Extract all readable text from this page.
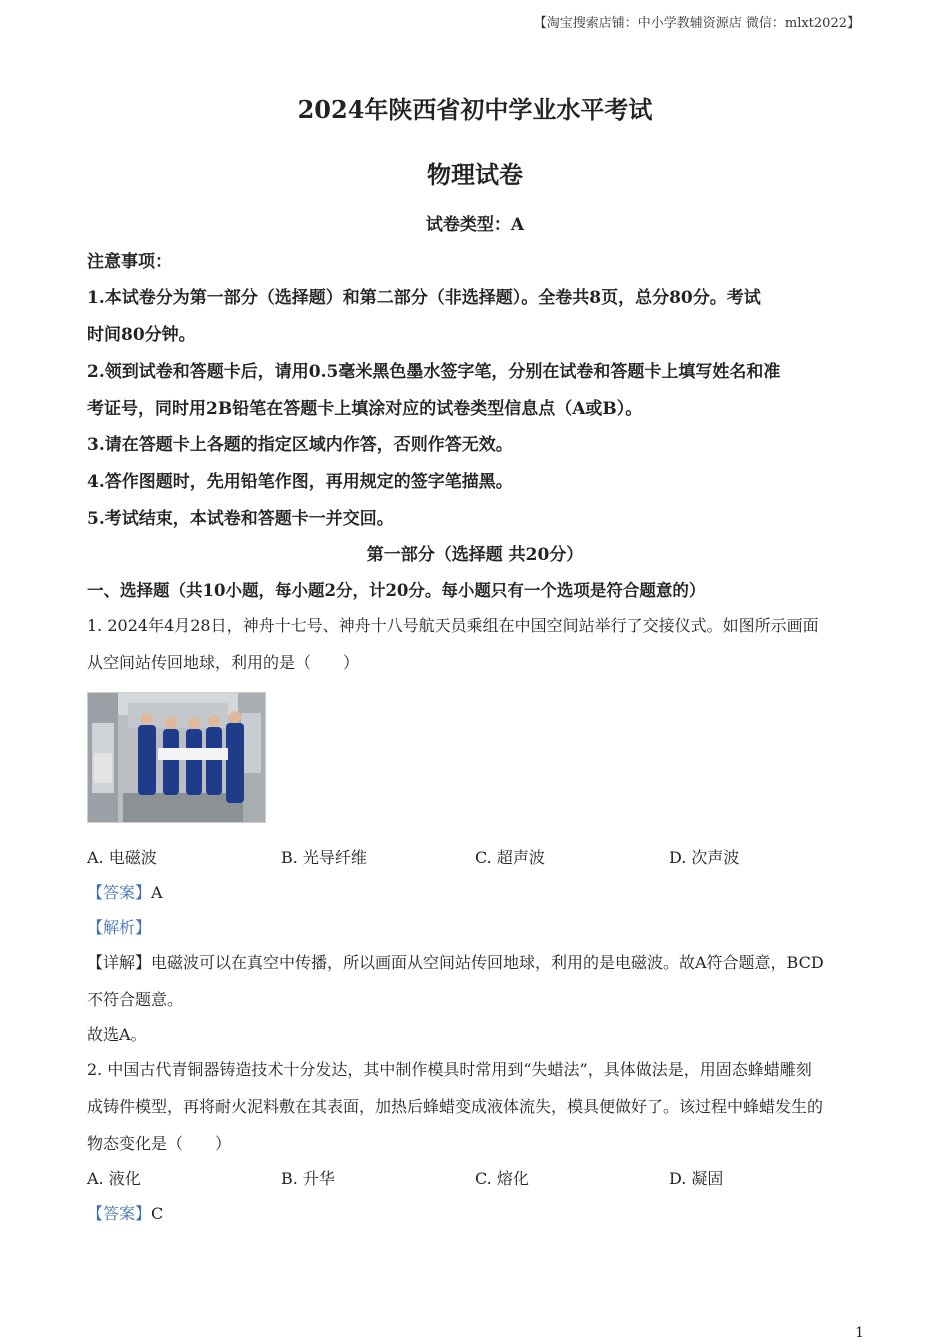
【淘宝搜索店铺：中小学教辅资源店 微信：mlxt2022】
2024年陕西省初中学业水平考试
物理试卷
试卷类型：A
注意事项：
1.本试卷分为第一部分（选择题）和第二部分（非选择题）。全卷共8页，总分80分。考试
时间80分钟。
2.领到试卷和答题卡后，请用0.5毫米黑色墨水签字笔，分别在试卷和答题卡上填写姓名和准
考证号，同时用2B铅笔在答题卡上填涂对应的试卷类型信息点（A或B）。
3.请在答题卡上各题的指定区域内作答，否则作答无效。
4.答作图题时，先用铅笔作图，再用规定的签字笔描黑。
5.考试结束，本试卷和答题卡一并交回。
第一部分（选择题 共20分）
一、选择题（共10小题，每小题2分，计20分。每小题只有一个选项是符合题意的）
1. 2024年4月28日，神舟十七号、神舟十八号航天员乘组在中国空间站举行了交接仪式。如图所示画面
从空间站传回地球，利用的是（　　）
A. 电磁波	B. 光导纤维	C. 超声波	D. 次声波
【答案】A
【解析】
【详解】电磁波可以在真空中传播，所以画面从空间站传回地球，利用的是电磁波。故A符合题意，BCD
不符合题意。
故选A。
2. 中国古代青铜器铸造技术十分发达，其中制作模具时常用到“失蜡法”，具体做法是，用固态蜂蜡雕刻
成铸件模型，再将耐火泥料敷在其表面，加热后蜂蜡变成液体流失，模具便做好了。该过程中蜂蜡发生的
物态变化是（　　）
A. 液化	B. 升华	C. 熔化	D. 凝固
【答案】C
1
